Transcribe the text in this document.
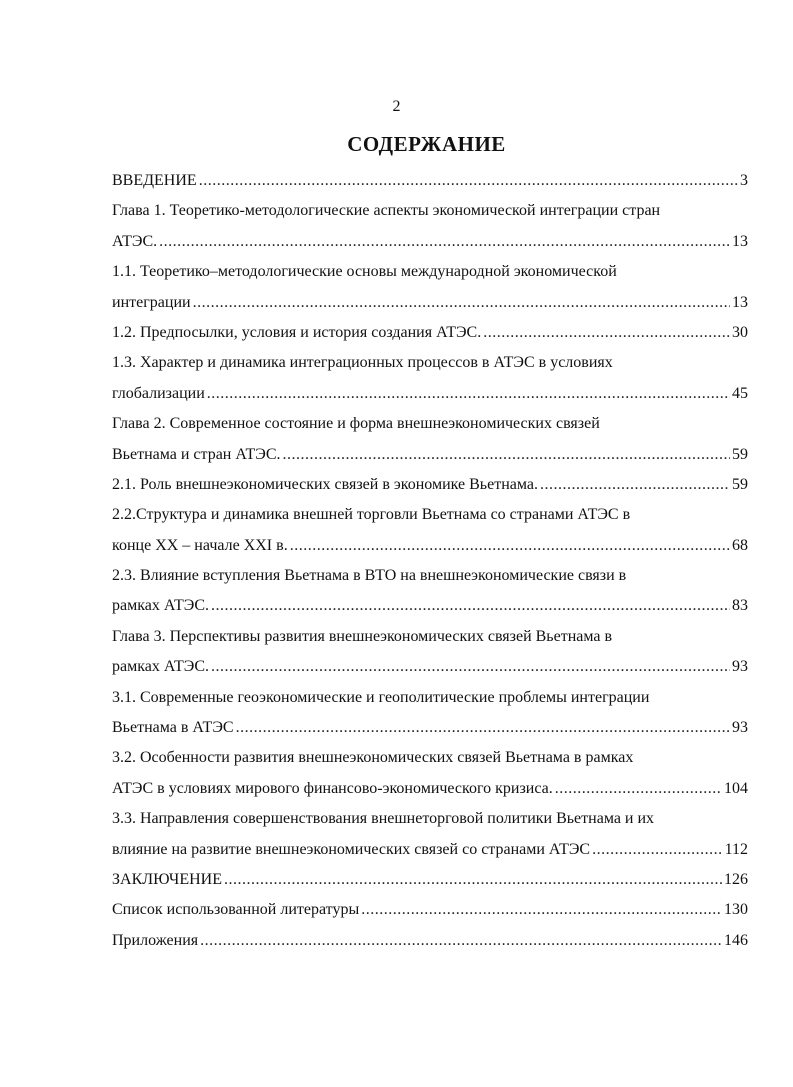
2
СОДЕРЖАНИЕ
ВВЕДЕНИЕ .....	3
Глава 1. Теоретико-методологические аспекты экономической интеграции стран
АТЭС. .....	13
1.1. Теоретико–методологические основы международной экономической
интеграции .....	13
1.2. Предпосылки, условия и история создания АТЭС. .....	30
1.3. Характер и динамика интеграционных процессов в АТЭС в условиях
глобализации .....	45
Глава 2. Современное состояние и форма внешнеэкономических связей
Вьетнама и стран АТЭС. .....	59
2.1. Роль внешнеэкономических связей в экономике Вьетнама. .....	59
2.2.Структура и динамика внешней торговли Вьетнама со странами АТЭС в
конце XX – начале XXI в. .....	68
2.3. Влияние вступления Вьетнама в ВТО на внешнеэкономические связи в
рамках АТЭС. .....	83
Глава 3. Перспективы развития внешнеэкономических связей Вьетнама в
рамках АТЭС. .....	93
3.1. Современные геоэкономические и геополитические проблемы интеграции
Вьетнама в АТЭС .....	93
3.2. Особенности развития внешнеэкономических связей Вьетнама в рамках
АТЭС в условиях мирового финансово-экономического кризиса. .....	104
3.3. Направления совершенствования внешнеторговой политики Вьетнама и их
влияние на развитие внешнеэкономических связей со странами АТЭС .....	112
ЗАКЛЮЧЕНИЕ .....	126
Список использованной литературы .....	130
Приложения .....	146
